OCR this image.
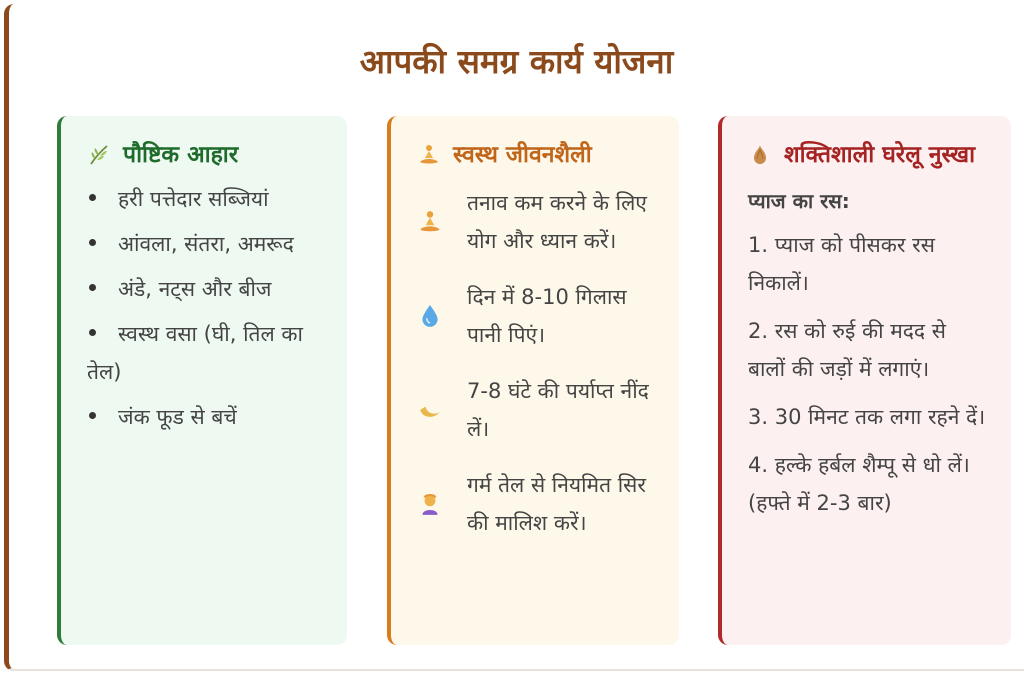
आपकी समग्र कार्य योजना
पौष्टिक आहार
हरी पत्तेदार सब्जियां
आंवला, संतरा, अमरूद
अंडे, नट्स और बीज
स्वस्थ वसा (घी, तिल का तेल)
जंक फूड से बचें
स्वस्थ जीवनशैली
तनाव कम करने के लिए योग और ध्यान करें।
दिन में 8-10 गिलास पानी पिएं।
7-8 घंटे की पर्याप्त नींद लें।
गर्म तेल से नियमित सिर की मालिश करें।
शक्तिशाली घरेलू नुस्खा
प्याज का रस:
1. प्याज को पीसकर रस निकालें।
2. रस को रुई की मदद से बालों की जड़ों में लगाएं।
3. 30 मिनट तक लगा रहने दें।
4. हल्के हर्बल शैम्पू से धो लें। (हफ्ते में 2-3 बार)
